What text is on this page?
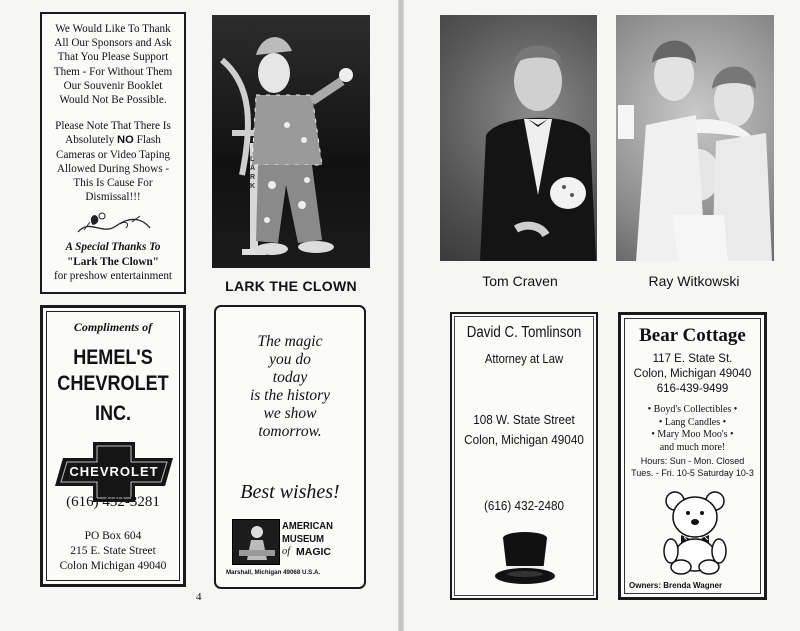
We Would Like To Thank All Our Sponsors and Ask That You Please Support Them - For Without Them Our Souvenir Booklet Would Not Be Possible.

Please Note That There Is Absolutely NO Flash Cameras or Video Taping Allowed During Shows - This Is Cause For Dismissal!!!

A Special Thanks To

"Lark The Clown"

for preshow entertainment

LARK
LARK THE CLOWN

Compliments of

HEMEL'S

CHEVROLET

INC.

CHEVROLET

(616) 432-3281

PO Box 604

215 E. State Street

Colon Michigan 49040

The magic
you do
today
is the history
we show
tomorrow.

Best wishes!

AMERICAN

MUSEUM

of MAGIC

Marshall, Michigan 49068 U.S.A.

4

Tom Craven	Ray Witkowski

David C. Tomlinson

Attorney at Law

108 W. State Street

Colon, Michigan 49040

(616) 432-2480

Bear Cottage

117 E. State St.

Colon, Michigan 49040

616-439-9499

• Boyd's Collectibles •
• Lang Candles •
• Mary Moo Moo's •
and much more!

Hours: Sun - Mon. Closed

Tues. - Fri. 10-5 Saturday 10-3

Owners: Brenda Wagner
